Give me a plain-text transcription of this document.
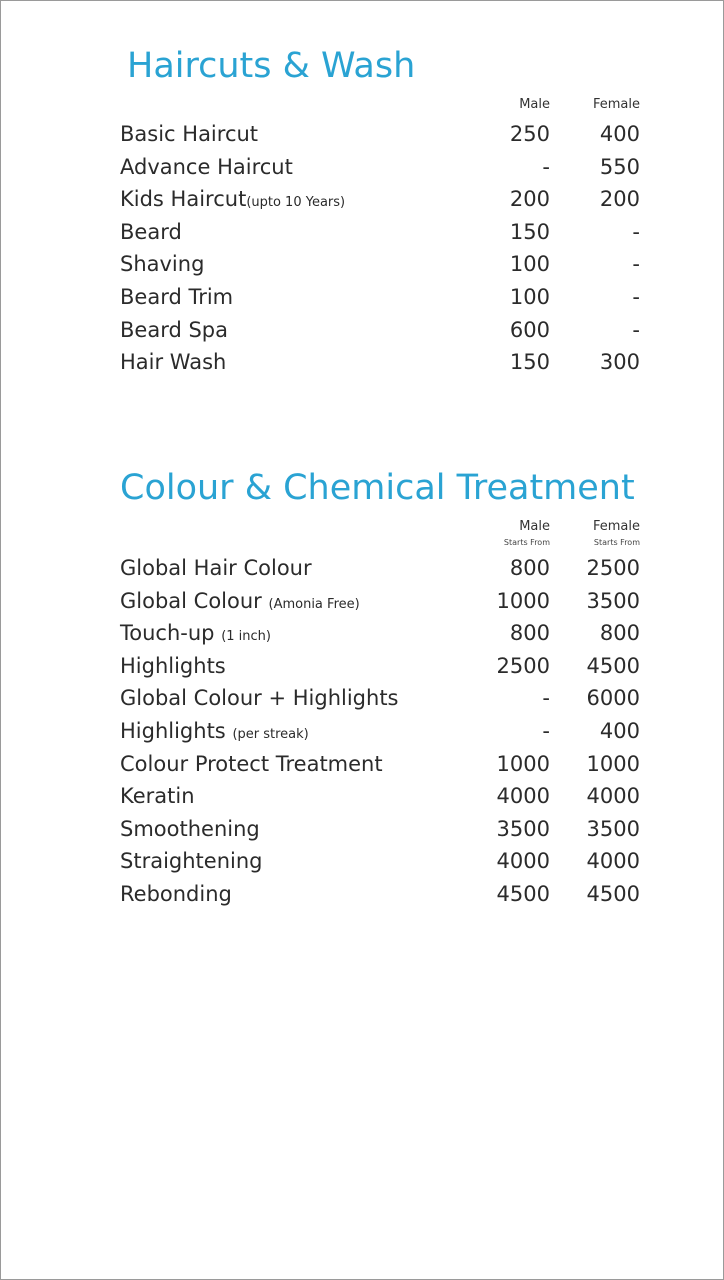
Haircuts & Wash
Male	Female
Basic Haircut	250	400
Advance Haircut	-	550
Kids Haircut(upto 10 Years)	200	200
Beard	150	-
Shaving	100	-
Beard Trim	100	-
Beard Spa	600	-
Hair Wash	150	300
Colour & Chemical Treatment
Male	Female
Starts From	Starts From
Global Hair Colour	800	2500
Global Colour (Amonia Free)	1000	3500
Touch-up (1 inch)	800	800
Highlights	2500	4500
Global Colour + Highlights	-	6000
Highlights (per streak)	-	400
Colour Protect Treatment	1000	1000
Keratin	4000	4000
Smoothening	3500	3500
Straightening	4000	4000
Rebonding	4500	4500
